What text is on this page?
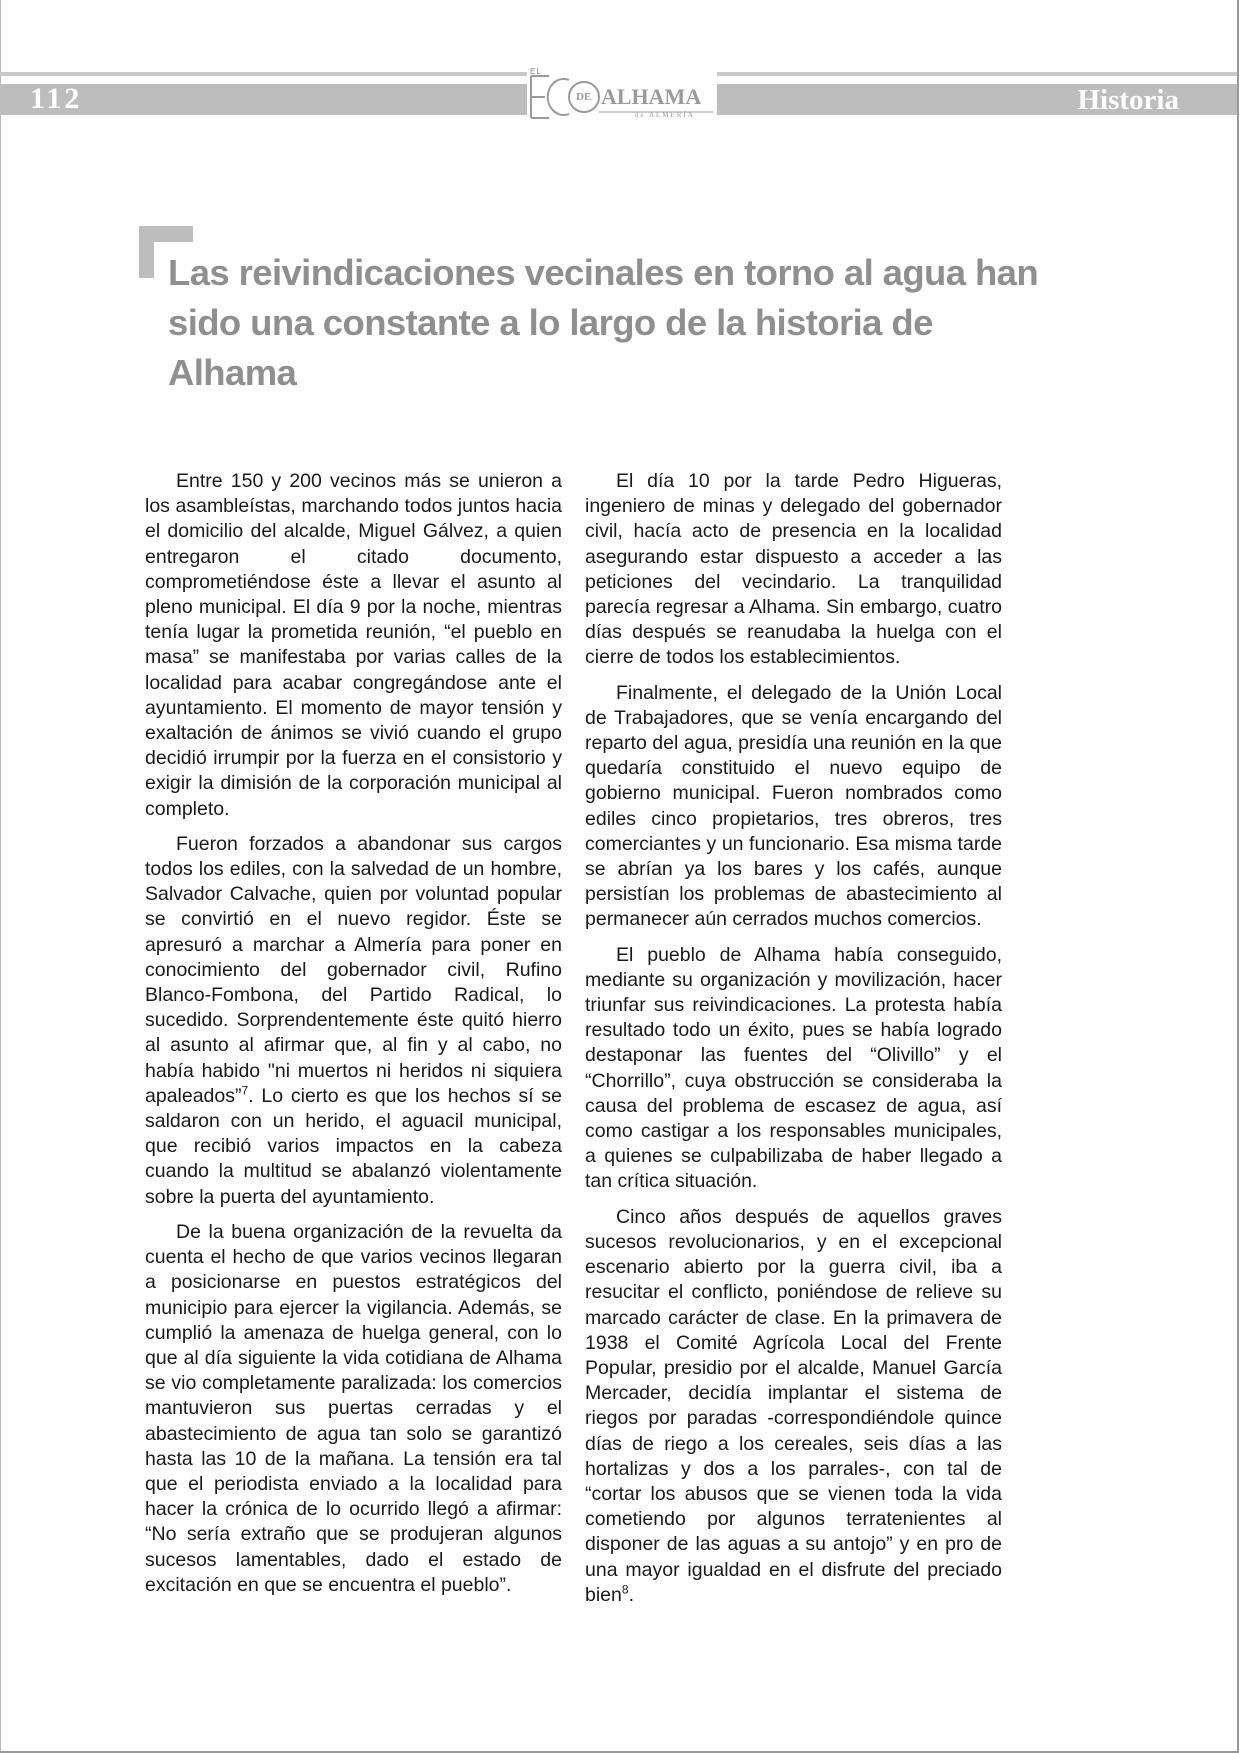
112	Historia
EL
DE ALHAMA
de ALMERÍA
Las reivindicaciones vecinales en torno al agua han sido una constante a lo largo de la historia de Alhama

Entre 150 y 200 vecinos más se unieron a los asambleístas, marchando todos juntos hacia el domicilio del alcalde, Miguel Gálvez, a quien entregaron el citado documento, comprometiéndose éste a llevar el asunto al pleno municipal. El día 9 por la noche, mientras tenía lugar la prometida reunión, “el pueblo en masa” se manifestaba por varias calles de la localidad para acabar congregándose ante el ayuntamiento. El momento de mayor tensión y exaltación de ánimos se vivió cuando el grupo decidió irrumpir por la fuerza en el consistorio y exigir la dimisión de la corporación municipal al completo.

Fueron forzados a abandonar sus cargos todos los ediles, con la salvedad de un hombre, Salvador Calvache, quien por voluntad popular se convirtió en el nuevo regidor. Éste se apresuró a marchar a Almería para poner en conocimiento del gobernador civil, Rufino Blanco-Fombona, del Partido Radical, lo sucedido. Sorprendentemente éste quitó hierro al asunto al afirmar que, al fin y al cabo, no había habido "ni muertos ni heridos ni siquiera apaleados”$^7$. Lo cierto es que los hechos sí se saldaron con un herido, el aguacil municipal, que recibió varios impactos en la cabeza cuando la multitud se abalanzó violentamente sobre la puerta del ayuntamiento.

De la buena organización de la revuelta da cuenta el hecho de que varios vecinos llegaran a posicionarse en puestos estratégicos del municipio para ejercer la vigilancia. Además, se cumplió la amenaza de huelga general, con lo que al día siguiente la vida cotidiana de Alhama se vio completamente paralizada: los comercios mantuvieron sus puertas cerradas y el abastecimiento de agua tan solo se garantizó hasta las 10 de la mañana. La tensión era tal que el periodista enviado a la localidad para hacer la crónica de lo ocurrido llegó a afirmar: “No sería extraño que se produjeran algunos sucesos lamentables, dado el estado de excitación en que se encuentra el pueblo”.

El día 10 por la tarde Pedro Higueras, ingeniero de minas y delegado del gobernador civil, hacía acto de presencia en la localidad asegurando estar dispuesto a acceder a las peticiones del vecindario. La tranquilidad parecía regresar a Alhama. Sin embargo, cuatro días después se reanudaba la huelga con el cierre de todos los establecimientos.

Finalmente, el delegado de la Unión Local de Trabajadores, que se venía encargando del reparto del agua, presidía una reunión en la que quedaría constituido el nuevo equipo de gobierno municipal. Fueron nombrados como ediles cinco propietarios, tres obreros, tres comerciantes y un funcionario. Esa misma tarde se abrían ya los bares y los cafés, aunque persistían los problemas de abastecimiento al permanecer aún cerrados muchos comercios.

El pueblo de Alhama había conseguido, mediante su organización y movilización, hacer triunfar sus reivindicaciones. La protesta había resultado todo un éxito, pues se había logrado destaponar las fuentes del “Olivillo” y el “Chorrillo”, cuya obstrucción se consideraba la causa del problema de escasez de agua, así como castigar a los responsables municipales, a quienes se culpabilizaba de haber llegado a tan crítica situación.

Cinco años después de aquellos graves sucesos revolucionarios, y en el excepcional escenario abierto por la guerra civil, iba a resucitar el conflicto, poniéndose de relieve su marcado carácter de clase. En la primavera de 1938 el Comité Agrícola Local del Frente Popular, presidio por el alcalde, Manuel García Mercader, decidía implantar el sistema de riegos por paradas -correspondiéndole quince días de riego a los cereales, seis días a las hortalizas y dos a los parrales-, con tal de “cortar los abusos que se vienen toda la vida cometiendo por algunos terratenientes al disponer de las aguas a su antojo” y en pro de una mayor igualdad en el disfrute del preciado bien$^8$.
